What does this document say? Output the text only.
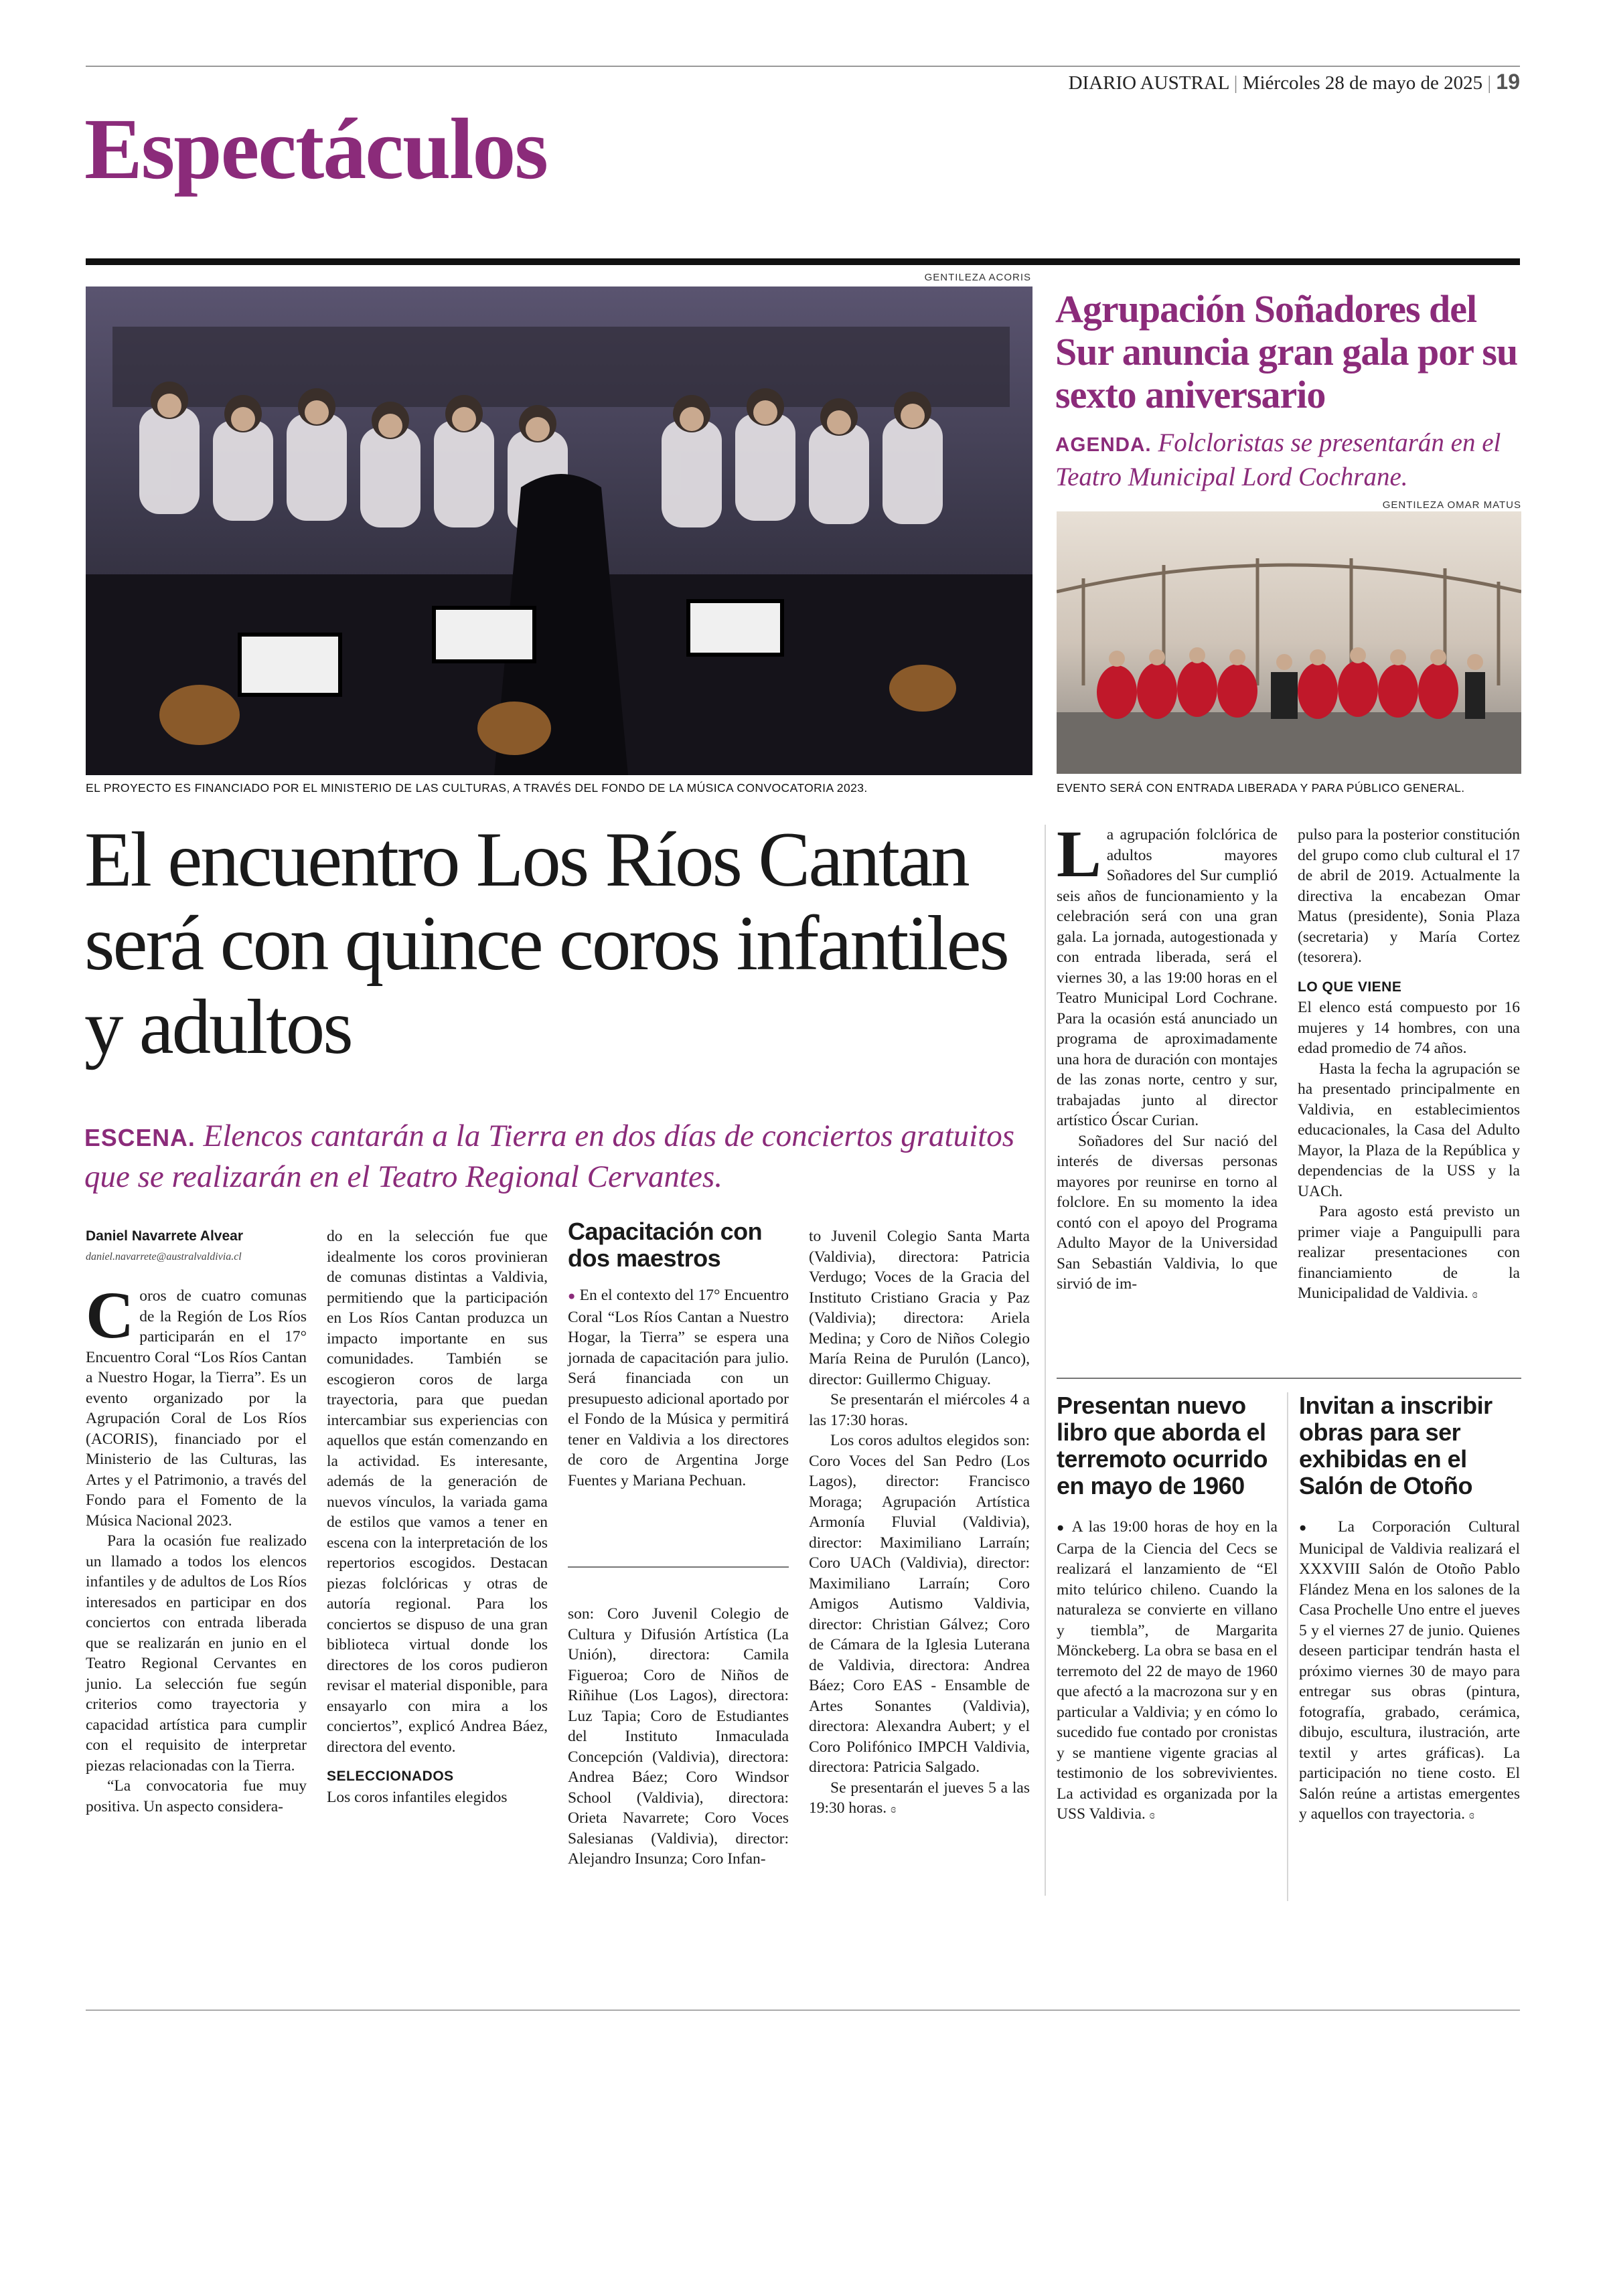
DIARIO AUSTRAL | Miércoles 28 de mayo de 2025 | 19
Espectáculos
GENTILEZA ACORIS
EL PROYECTO ES FINANCIADO POR EL MINISTERIO DE LAS CULTURAS, A TRAVÉS DEL FONDO DE LA MÚSICA CONVOCATORIA 2023.
El encuentro Los Ríos Cantan será con quince coros infantiles y adultos
ESCENA. Elencos cantarán a la Tierra en dos días de conciertos gratuitos que se realizarán en el Teatro Regional Cervantes.
Daniel Navarrete Alvear
daniel.navarrete@australvaldivia.cl

Coros de cuatro comunas de la Región de Los Ríos participarán en el 17° Encuentro Coral “Los Ríos Cantan a Nuestro Hogar, la Tierra”. Es un evento organizado por la Agrupación Coral de Los Ríos (ACORIS), financiado por el Ministerio de las Culturas, las Artes y el Patrimonio, a través del Fondo para el Fomento de la Música Nacional 2023.

Para la ocasión fue realizado un llamado a todos los elencos infantiles y de adultos de Los Ríos interesados en participar en dos conciertos con entrada liberada que se realizarán en junio en el Teatro Regional Cervantes en junio. La selección fue según criterios como trayectoria y capacidad artística para cumplir con el requisito de interpretar piezas relacionadas con la Tierra.

“La convocatoria fue muy positiva. Un aspecto considera-

do en la selección fue que idealmente los coros provinieran de comunas distintas a Valdivia, permitiendo que la participación en Los Ríos Cantan produzca un impacto importante en sus comunidades. También se escogieron coros de larga trayectoria, para que puedan intercambiar sus experiencias con aquellos que están comenzando en la actividad. Es interesante, además de la generación de nuevos vínculos, la variada gama de estilos que vamos a tener en escena con la interpretación de los repertorios escogidos. Destacan piezas folclóricas y otras de autoría regional. Para los conciertos se dispuso de una gran biblioteca virtual donde los directores de los coros pudieron revisar el material disponible, para ensayarlo con mira a los conciertos”, explicó Andrea Báez, directora del evento.

SELECCIONADOS

Los coros infantiles elegidos

Capacitación con dos maestros
● En el contexto del 17° Encuentro Coral “Los Ríos Cantan a Nuestro Hogar, la Tierra” se espera una jornada de capacitación para julio. Será financiada con un presupuesto adicional aportado por el Fondo de la Música y permitirá tener en Valdivia a los directores de coro de Argentina Jorge Fuentes y Mariana Pechuan.

son: Coro Juvenil Colegio de Cultura y Difusión Artística (La Unión), directora: Camila Figueroa; Coro de Niños de Riñihue (Los Lagos), directora: Luz Tapia; Coro de Estudiantes del Instituto Inmaculada Concepción (Valdivia), directora: Andrea Báez; Coro Windsor School (Valdivia), directora: Orieta Navarrete; Coro Voces Salesianas (Valdivia), director: Alejandro Insunza; Coro Infan-

to Juvenil Colegio Santa Marta (Valdivia), directora: Patricia Verdugo; Voces de la Gracia del Instituto Cristiano Gracia y Paz (Valdivia); directora: Ariela Medina; y Coro de Niños Colegio María Reina de Purulón (Lanco), director: Guillermo Chiguay.

Se presentarán el miércoles 4 a las 17:30 horas.

Los coros adultos elegidos son: Coro Voces del San Pedro (Los Lagos), director: Francisco Moraga; Agrupación Artística Armonía Fluvial (Valdivia), director: Maximiliano Larraín; Coro UACh (Valdivia), director: Maximiliano Larraín; Coro Amigos Autismo Valdivia, director: Christian Gálvez; Coro de Cámara de la Iglesia Luterana de Valdivia, directora: Andrea Báez; Coro EAS - Ensamble de Artes Sonantes (Valdivia), directora: Alexandra Aubert; y el Coro Polifónico IMPCH Valdivia, directora: Patricia Salgado.

Se presentarán el jueves 5 a las 19:30 horas. ɞ

Agrupación Soñadores del Sur anuncia gran gala por su sexto aniversario
AGENDA. Folcloristas se presentarán en el Teatro Municipal Lord Cochrane.
GENTILEZA OMAR MATUS
EVENTO SERÁ CON ENTRADA LIBERADA Y PARA PÚBLICO GENERAL.

La agrupación folclórica de adultos mayores Soñadores del Sur cumplió seis años de funcionamiento y la celebración será con una gran gala. La jornada, autogestionada y con entrada liberada, será el viernes 30, a las 19:00 horas en el Teatro Municipal Lord Cochrane. Para la ocasión está anunciado un programa de aproximadamente una hora de duración con montajes de las zonas norte, centro y sur, trabajadas junto al director artístico Óscar Curian.

Soñadores del Sur nació del interés de diversas personas mayores por reunirse en torno al folclore. En su momento la idea contó con el apoyo del Programa Adulto Mayor de la Universidad San Sebastián Valdivia, lo que sirvió de im-

pulso para la posterior constitución del grupo como club cultural el 17 de abril de 2019. Actualmente la directiva la encabezan Omar Matus (presidente), Sonia Plaza (secretaria) y María Cortez (tesorera).

LO QUE VIENE

El elenco está compuesto por 16 mujeres y 14 hombres, con una edad promedio de 74 años.

Hasta la fecha la agrupación se ha presentado principalmente en Valdivia, en establecimientos educacionales, la Casa del Adulto Mayor, la Plaza de la República y dependencias de la USS y la UACh.

Para agosto está previsto un primer viaje a Panguipulli para realizar presentaciones con financiamiento de la Municipalidad de Valdivia. ɞ

Presentan nuevo libro que aborda el terremoto ocurrido en mayo de 1960
● A las 19:00 horas de hoy en la Carpa de la Ciencia del Cecs se realizará el lanzamiento de “El mito telúrico chileno. Cuando la naturaleza se convierte en villano y tiembla”, de Margarita Mönckeberg. La obra se basa en el terremoto del 22 de mayo de 1960 que afectó a la macrozona sur y en particular a Valdivia; y en cómo lo sucedido fue contado por cronistas y se mantiene vigente gracias al testimonio de los sobrevivientes. La actividad es organizada por la USS Valdivia. ɞ
Invitan a inscribir obras para ser exhibidas en el Salón de Otoño
● La Corporación Cultural Municipal de Valdivia realizará el XXXVIII Salón de Otoño Pablo Flández Mena en los salones de la Casa Prochelle Uno entre el jueves 5 y el viernes 27 de junio. Quienes deseen participar tendrán hasta el próximo viernes 30 de mayo para entregar sus obras (pintura, fotografía, grabado, cerámica, dibujo, escultura, ilustración, arte textil y artes gráficas). La participación no tiene costo. El Salón reúne a artistas emergentes y aquellos con trayectoria. ɞ
